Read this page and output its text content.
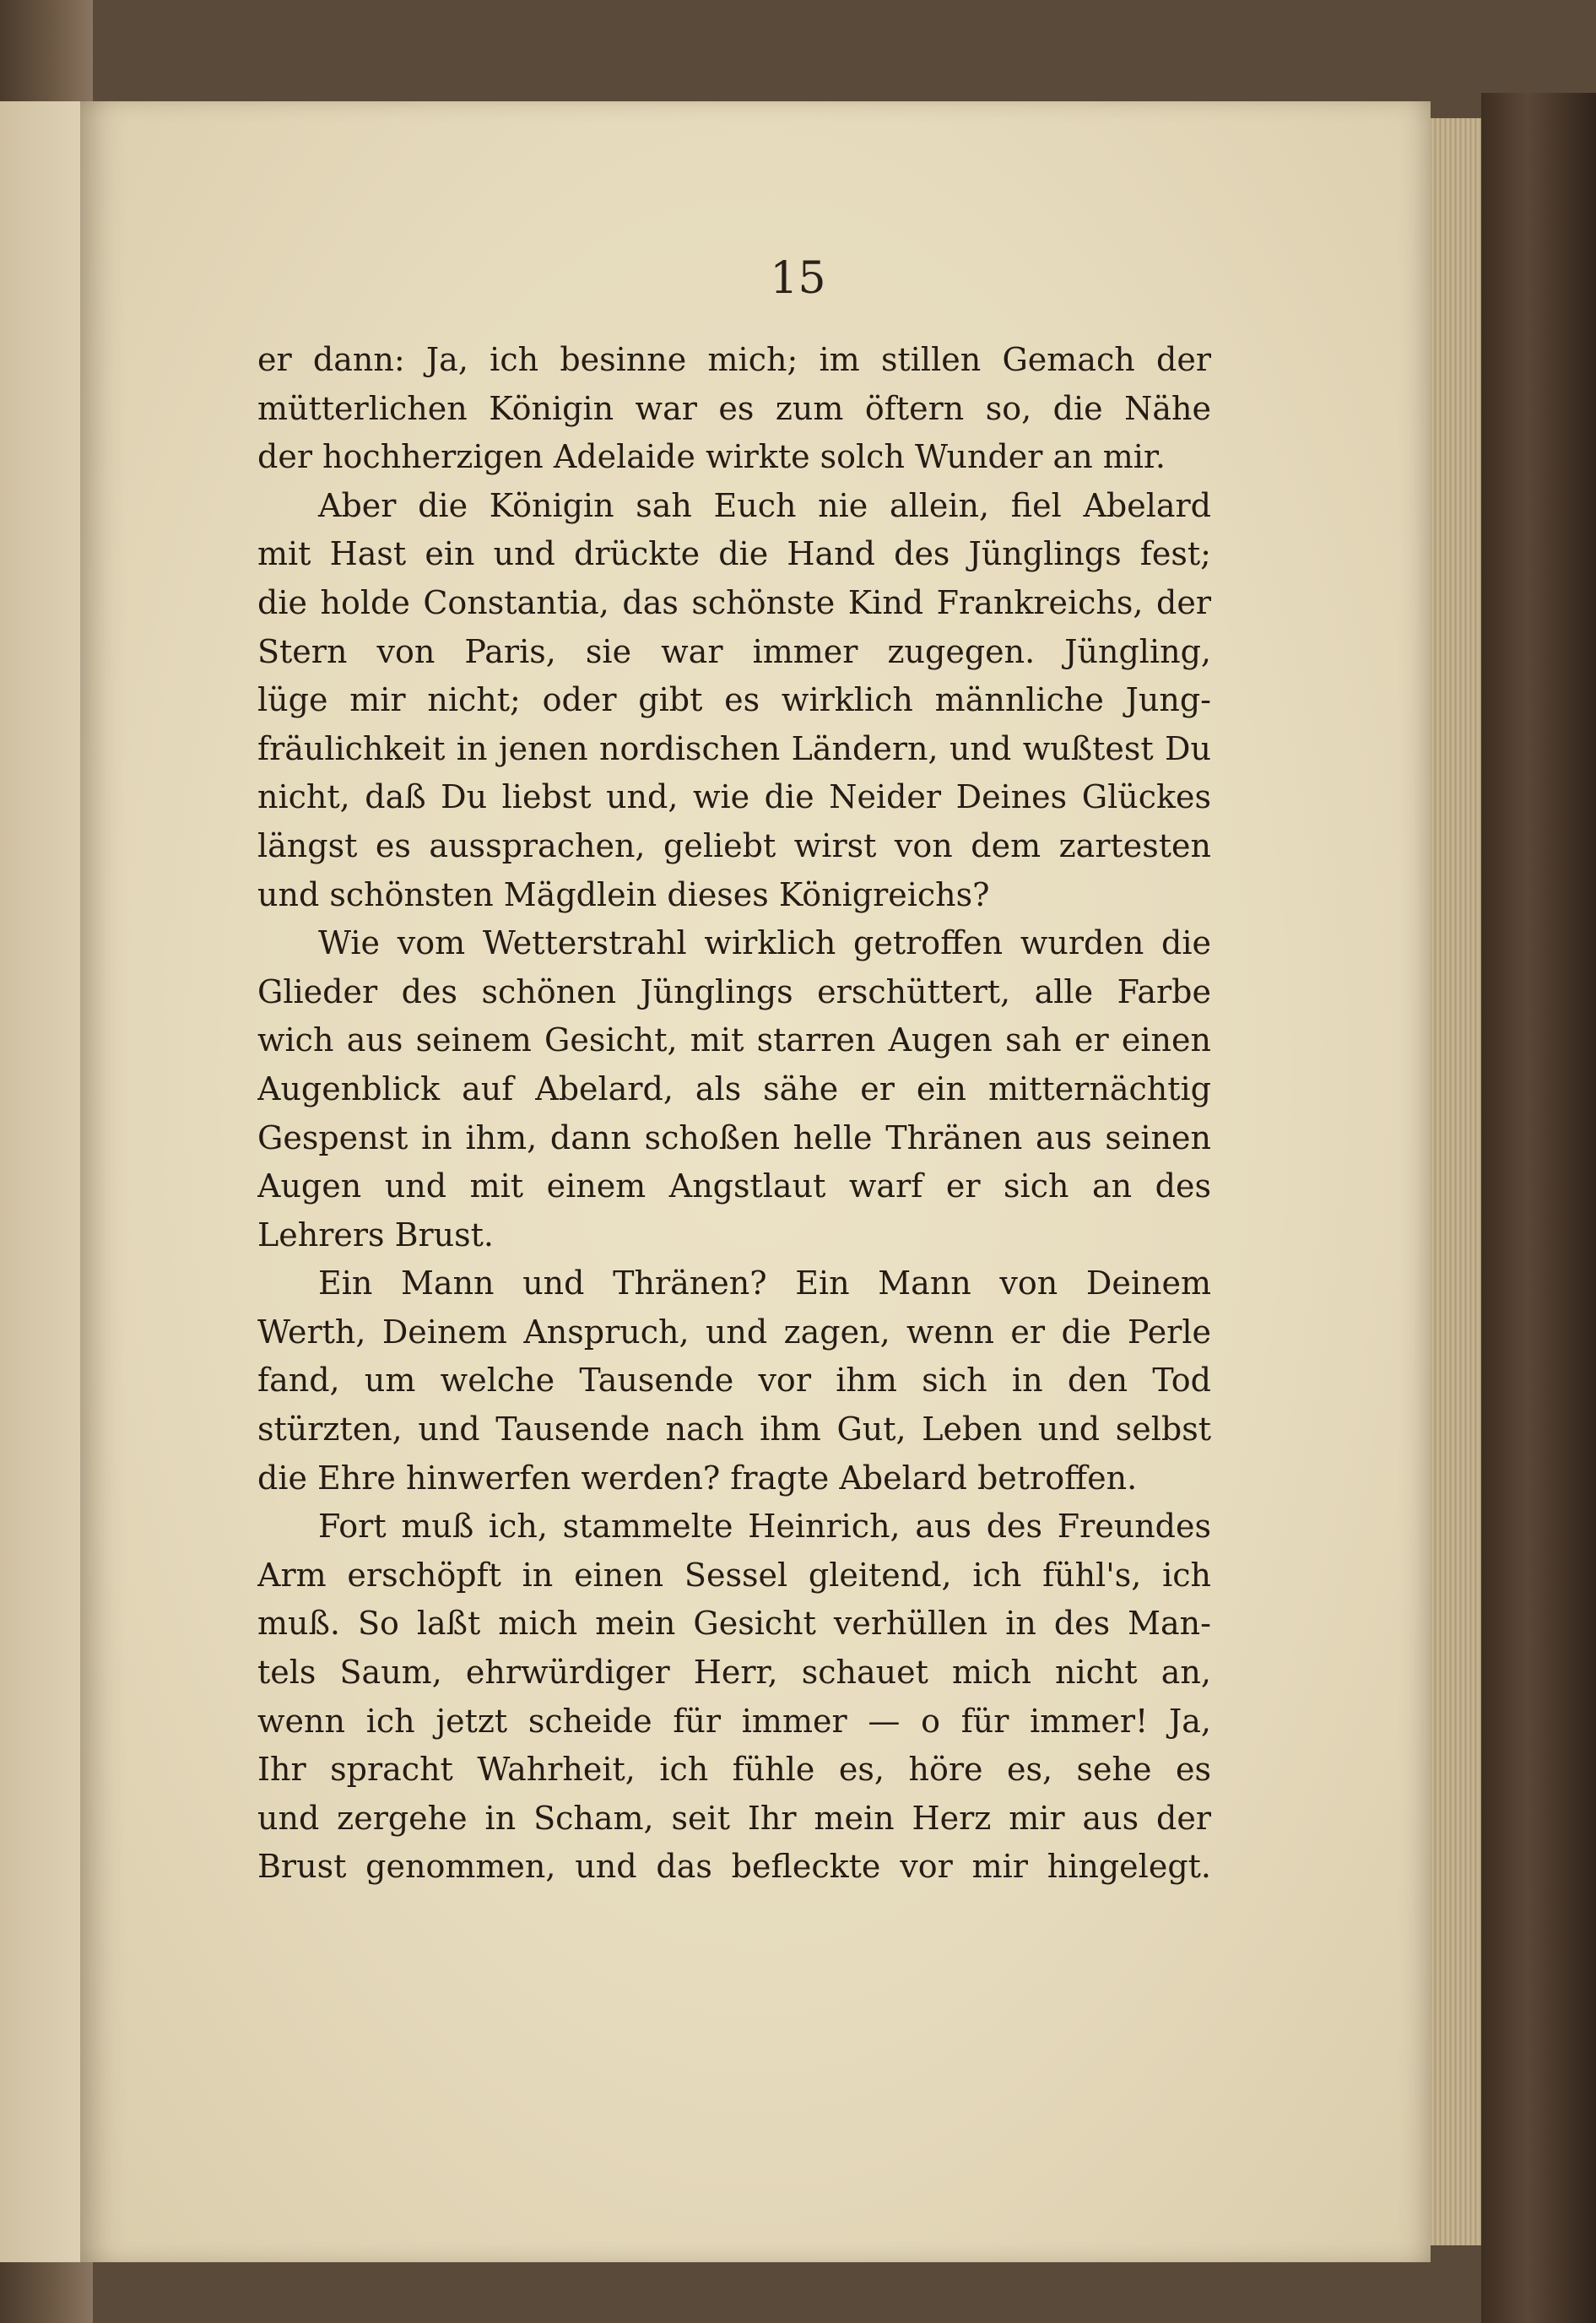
15
er dann: Ja, ich besinne mich; im stillen Gemach der
mütterlichen Königin war es zum öftern so, die Nähe
der hochherzigen Adelaide wirkte solch Wunder an mir.
Aber die Königin sah Euch nie allein, fiel Abelard
mit Hast ein und drückte die Hand des Jünglings fest;
die holde Constantia, das schönste Kind Frankreichs, der
Stern von Paris, sie war immer zugegen. Jüngling,
lüge mir nicht; oder gibt es wirklich männliche Jung-
fräulichkeit in jenen nordischen Ländern, und wußtest Du
nicht, daß Du liebst und, wie die Neider Deines Glückes
längst es aussprachen, geliebt wirst von dem zartesten
und schönsten Mägdlein dieses Königreichs?
Wie vom Wetterstrahl wirklich getroffen wurden die
Glieder des schönen Jünglings erschüttert, alle Farbe
wich aus seinem Gesicht, mit starren Augen sah er einen
Augenblick auf Abelard, als sähe er ein mitternächtig
Gespenst in ihm, dann schoßen helle Thränen aus seinen
Augen und mit einem Angstlaut warf er sich an des
Lehrers Brust.
Ein Mann und Thränen? Ein Mann von Deinem
Werth, Deinem Anspruch, und zagen, wenn er die Perle
fand, um welche Tausende vor ihm sich in den Tod
stürzten, und Tausende nach ihm Gut, Leben und selbst
die Ehre hinwerfen werden? fragte Abelard betroffen.
Fort muß ich, stammelte Heinrich, aus des Freundes
Arm erschöpft in einen Sessel gleitend, ich fühl's, ich
muß. So laßt mich mein Gesicht verhüllen in des Man-
tels Saum, ehrwürdiger Herr, schauet mich nicht an,
wenn ich jetzt scheide für immer — o für immer! Ja,
Ihr spracht Wahrheit, ich fühle es, höre es, sehe es
und zergehe in Scham, seit Ihr mein Herz mir aus der
Brust genommen, und das befleckte vor mir hingelegt.
